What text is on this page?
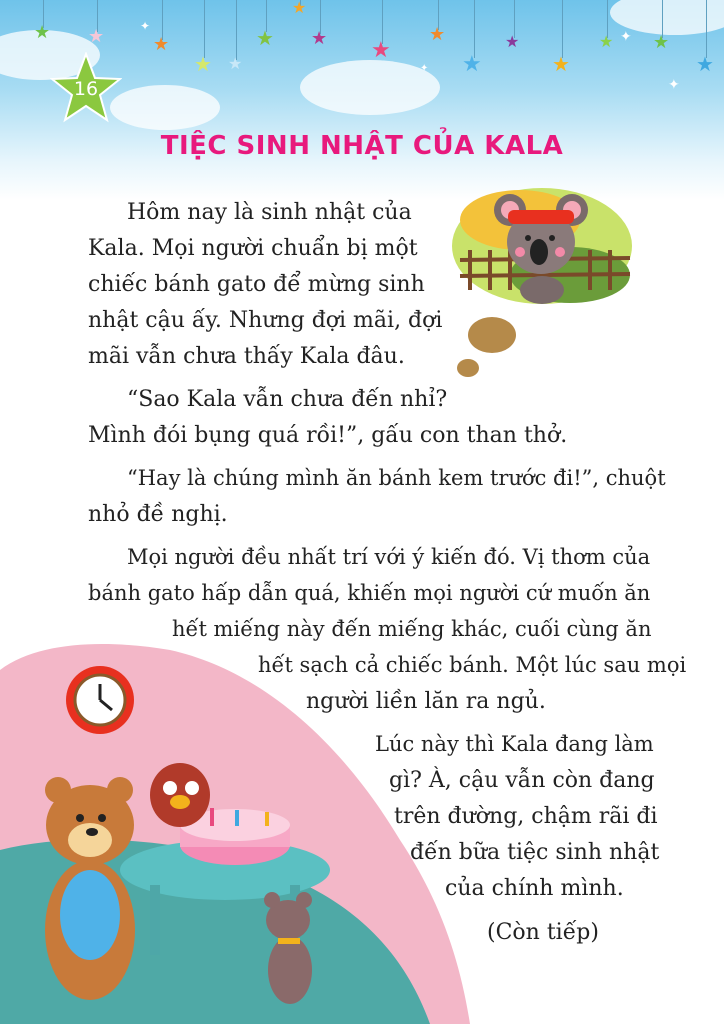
★ ★	★
★ ★
★
★
★ ★
★
★
★
★
★ ★
★
✦
✦
✦
✦
16
TIỆC SINH NHẬT CỦA KALA
Hôm nay là sinh nhật của
Kala. Mọi người chuẩn bị một
chiếc bánh gato để mừng sinh
nhật cậu ấy. Nhưng đợi mãi, đợi
mãi vẫn chưa thấy Kala đâu.
“Sao Kala vẫn chưa đến nhỉ?
Mình đói bụng quá rồi!”, gấu con than thở.
“Hay là chúng mình ăn bánh kem trước đi!”, chuột
nhỏ đề nghị.
Mọi người đều nhất trí với ý kiến đó. Vị thơm của
bánh gato hấp dẫn quá, khiến mọi người cứ muốn ăn
hết miếng này đến miếng khác, cuối cùng ăn
hết sạch cả chiếc bánh. Một lúc sau mọi
người liền lăn ra ngủ.
Lúc này thì Kala đang làm
gì? À, cậu vẫn còn đang
trên đường, chậm rãi đi
đến bữa tiệc sinh nhật
của chính mình.
(Còn tiếp)
